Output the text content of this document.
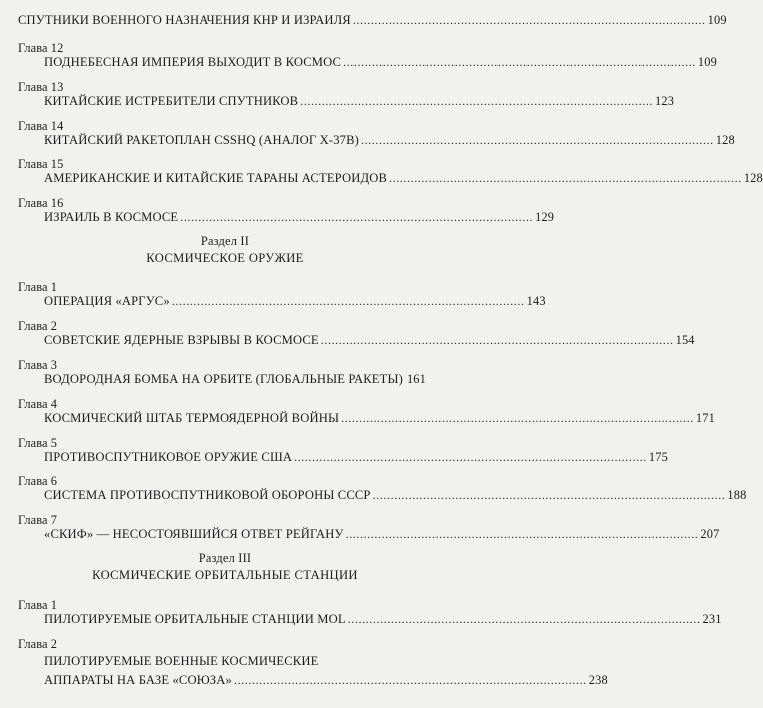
СПУТНИКИ ВОЕННОГО НАЗНАЧЕНИЯ КНР И ИЗРАИЛЯ .................................................................................................. 109
Глава 12
ПОДНЕБЕСНАЯ ИМПЕРИЯ ВЫХОДИТ В КОСМОС .................................................................................................. 109
Глава 13
КИТАЙСКИЕ ИСТРЕБИТЕЛИ СПУТНИКОВ .................................................................................................. 123
Глава 14
КИТАЙСКИЙ РАКЕТОПЛАН CSSHQ (АНАЛОГ Х-37В) .................................................................................................. 128
Глава 15
АМЕРИКАНСКИЕ И КИТАЙСКИЕ ТАРАНЫ АСТЕРОИДОВ .................................................................................................. 128
Глава 16
ИЗРАИЛЬ В КОСМОСЕ .................................................................................................. 129
Раздел II
КОСМИЧЕСКОЕ ОРУЖИЕ
Глава 1
ОПЕРАЦИЯ «АРГУС» .................................................................................................. 143
Глава 2
СОВЕТСКИЕ ЯДЕРНЫЕ ВЗРЫВЫ В КОСМОСЕ .................................................................................................. 154
Глава 3
ВОДОРОДНАЯ БОМБА НА ОРБИТЕ (ГЛОБАЛЬНЫЕ РАКЕТЫ) 161
Глава 4
КОСМИЧЕСКИЙ ШТАБ ТЕРМОЯДЕРНОЙ ВОЙНЫ .................................................................................................. 171
Глава 5
ПРОТИВОСПУТНИКОВОЕ ОРУЖИЕ США .................................................................................................. 175
Глава 6
СИСТЕМА ПРОТИВОСПУТНИКОВОЙ ОБОРОНЫ СССР .................................................................................................. 188
Глава 7
«СКИФ» — НЕСОСТОЯВШИЙСЯ ОТВЕТ РЕЙГАНУ .................................................................................................. 207
Раздел III
КОСМИЧЕСКИЕ ОРБИТАЛЬНЫЕ СТАНЦИИ
Глава 1
ПИЛОТИРУЕМЫЕ ОРБИТАЛЬНЫЕ СТАНЦИИ MOL .................................................................................................. 231
Глава 2
ПИЛОТИРУЕМЫЕ ВОЕННЫЕ КОСМИЧЕСКИЕ
АППАРАТЫ НА БАЗЕ «СОЮЗА» .................................................................................................. 238
